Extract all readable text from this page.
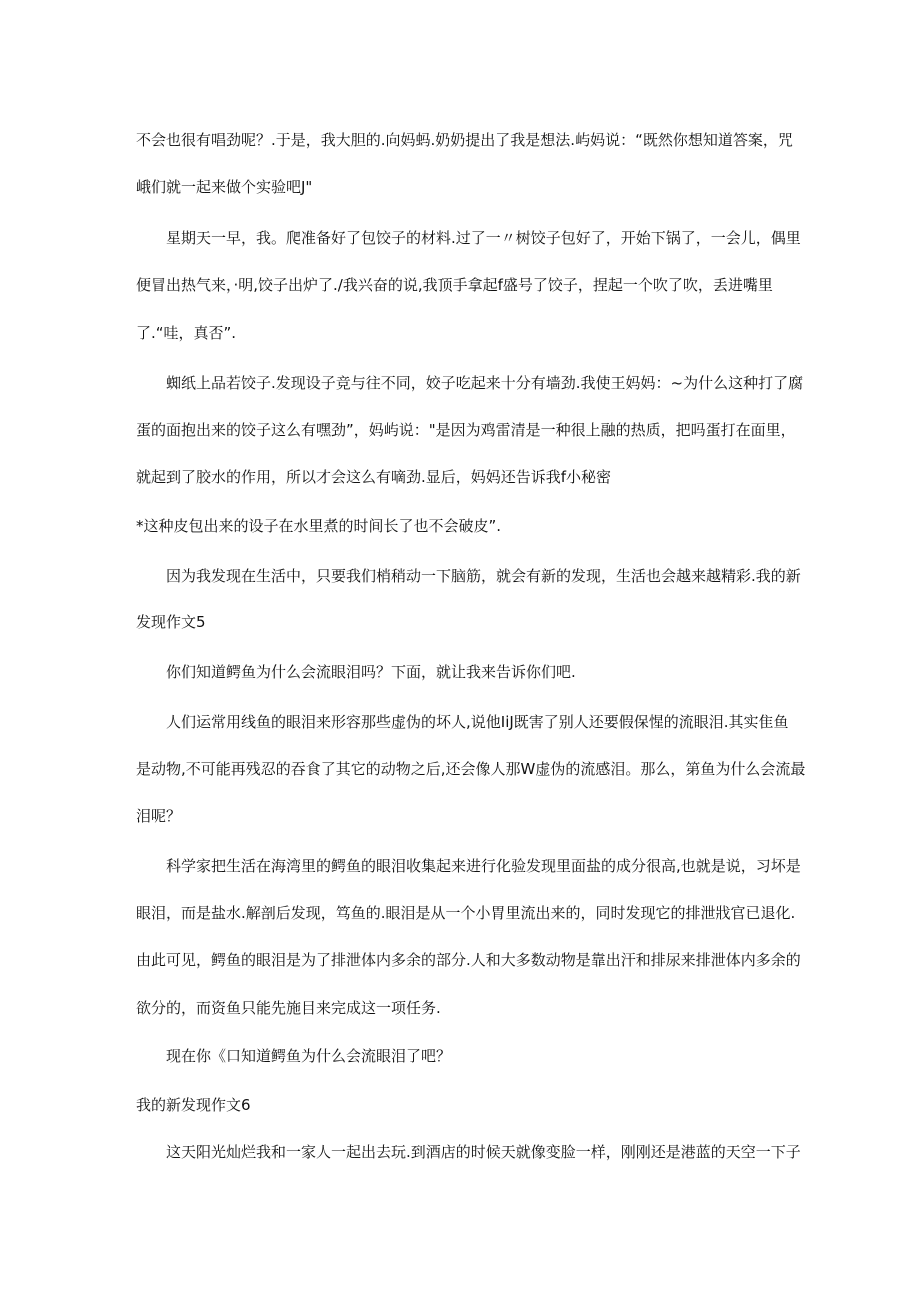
不会也很有唱劲呢？.于是，我大胆的.向妈蚂.奶奶提出了我是想法.屿妈说：“既然你想知道答案，咒

峨们就一起来做个实验吧J"

星期天一早，我。爬准备好了包饺子的材料.过了一〃树饺子包好了，开始下锅了，一会儿，偶里

便冒出热气来，·明,饺子出炉了./我兴奋的说,我顶手拿起f盛号了饺子，捏起一个吹了吹，丢进嘴里

了.“哇，真否”.

蜘纸上品若饺子.发现设子竞与往不同，姣子吃起来十分有墙劲.我使王妈妈：~为什么这种打了腐

蛋的面抱出来的饺子这么有嘿劲”，妈屿说："是因为鸡雷清是一种很上融的热质，把吗蛋打在面里，

就起到了胶水的作用，所以才会这么有嘀劲.显后，妈妈还告诉我f小秘密

*这种皮包出来的设子在水里煮的时间长了也不会破皮”.

因为我发现在生活中，只要我们梢稍动一下脑筋，就会有新的发现，生活也会越来越精彩.我的新

发现作文5

你们知道鳄鱼为什么会流眼泪吗？下面，就让我来告诉你们吧.

人们运常用线鱼的眼泪来形容那些虚伪的坏人,说他IiJ既害了别人还要假保惺的流眼泪.其实隹鱼

是动物,不可能再残忍的吞食了其它的动物之后,还会像人那W虚伪的流感泪。那么，第鱼为什么会流最

泪呢？

科学家把生活在海湾里的鳄鱼的眼泪收集起来进行化验发现里面盐的成分很高,也就是说，习坏是

眼泪，而是盐水.解剖后发现，笃鱼的.眼泪是从一个小胃里流出来的，同时发现它的排泄戕官已退化.

由此可见，鳄鱼的眼泪是为了排泄体内多余的部分.人和大多数动物是靠出汗和排尿来排泄体内多余的

欲分的，而资鱼只能先施目来完成这一项任务.

现在你《口知道鳄鱼为什么会流眼泪了吧？

我的新发现作文6

这天阳光灿烂我和一家人一起出去玩.到酒店的时候天就像变脸一样，刚刚还是港蓝的天空一下子
